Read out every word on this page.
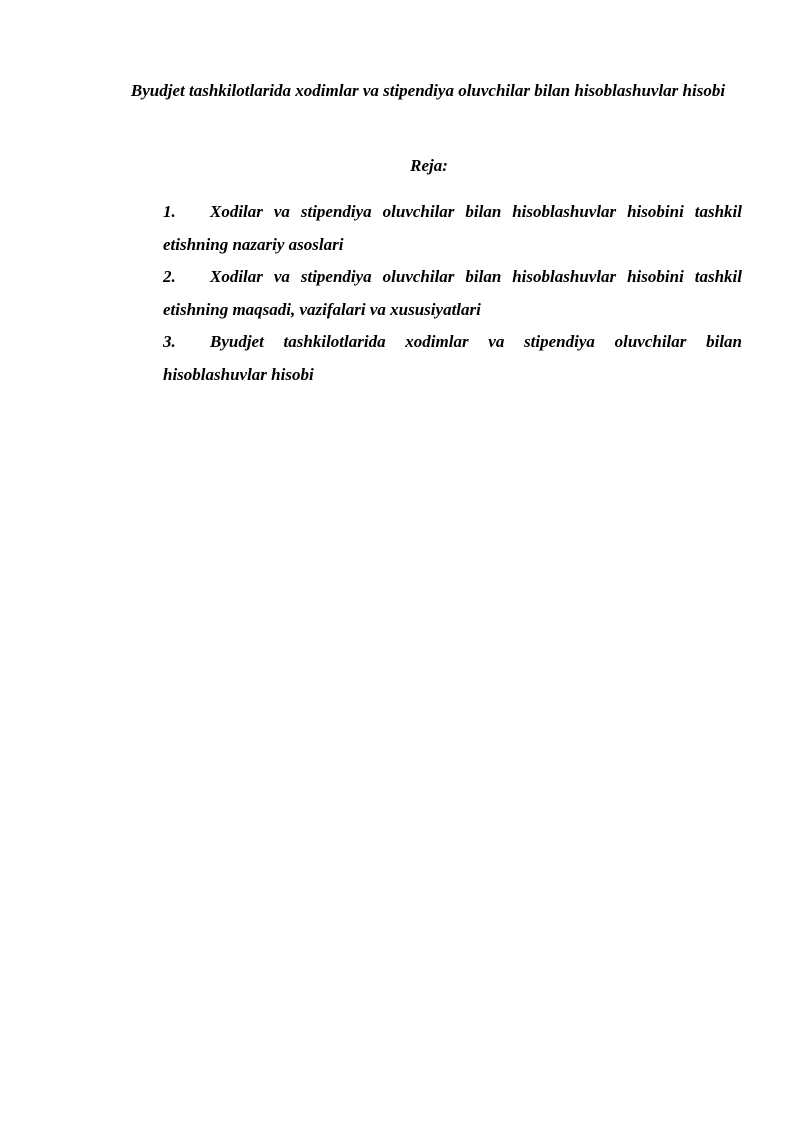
Byudjet tashkilotlarida xodimlar va stipendiya oluvchilar bilan hisoblashuvlar hisobi

Reja:

1. Xodilar va stipendiya oluvchilar bilan hisoblashuvlar hisobini tashkil etishning nazariy asoslari
2. Xodilar va stipendiya oluvchilar bilan hisoblashuvlar hisobini tashkil etishning maqsadi, vazifalari va xususiyatlari
3. Byudjet tashkilotlarida xodimlar va stipendiya oluvchilar bilan hisoblashuvlar hisobi
